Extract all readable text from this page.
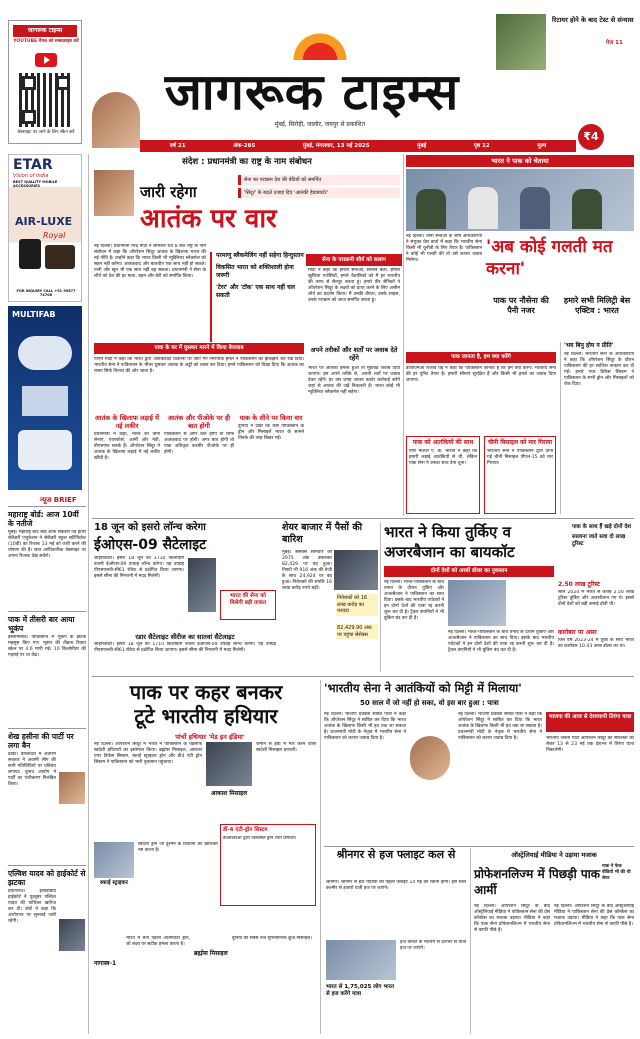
जागरूक टाइम्स
YOUTUBE चैनल को सब्सक्राइब करें
वेबसाइट पर जाने के लिए स्कैन करें
जागरूक टाइम्स
मुंबई, सिरोही, जालोर, जयपुर से प्रकाशित
रिटायर होने के बाद टेस्ट से संन्यास
पेज 11
₹4
वर्ष 21	अंक-285	मुंबई, मंगलवार, 13 मई 2025	मुंबई	पृष्ठ 12	मूल्य
ETAR
Vision of India
BEST QUALITY MOBILE ACCESSORIES
AIR-LUXE
Royal
FOR INQUIRY CALL +91 99877 74708
MULTIFAB
न्यूज BRIEF
महाराष्ट्र बोर्ड: आज 10वीं के नतीजे
मुंबई। महाराष्ट्र स्टेट बोर्ड ऑफ सेकेंडरी एंड हायर सेकेंडरी एजुकेशन ने सेकेंडरी स्कूल सर्टिफिकेट (10वीं) का रिजल्ट 13 मई को जारी करने की घोषणा की है। छात्र आधिकारिक वेबसाइट पर अपना रिजल्ट देख सकेंगे।
पाक में तीसरी बार आया भूकंप
इस्लामाबाद। पाकिस्तान में भूकंप के झटके महसूस किए गए। भूकंप की तीव्रता रिक्टर स्केल पर 4.6 मापी गई। 10 किलोमीटर की गहराई पर था केंद्र।
शेख हसीना की पार्टी पर लगा बैन
ढाका। बांग्लादेश में अंतरिम सरकार ने अवामी लीग की सभी गतिविधियों पर प्रतिबंध लगाया। चुनाव आयोग ने पार्टी का पंजीकरण निलंबित किया।
एल्विश यादव को हाईकोर्ट से झटका
प्रयागराज। इलाहाबाद हाईकोर्ट ने यूट्यूबर एल्विश यादव की याचिका खारिज कर दी। कोर्ट ने कहा कि आरोपपत्र पर सुनवाई जारी रहेगी।
संदेश : प्रधानमंत्री का राष्ट्र के नाम संबोधन
जारी रहेगा
आतंक पर वार
सेना का पराक्रम देश की बेटियों को समर्पित
'सिंदूर' के बदले उजाड़ दिए 'आतंकी हेडक्वार्टर'
नई दिल्ली। प्रधानमंत्री नरेंद्र मोदी ने सोमवार रात 8 बजे राष्ट्र के नाम संबोधन में कहा कि ऑपरेशन सिंदूर आतंक के खिलाफ भारत की नई नीति है। उन्होंने कहा कि भारत किसी भी न्यूक्लियर ब्लैकमेल को सहन नहीं करेगा। आतंकवाद और बातचीत एक साथ नहीं हो सकते। पानी और खून भी एक साथ नहीं बह सकता। प्रधानमंत्री ने सेना के शौर्य को देश की हर माता, बहन और बेटी को समर्पित किया।
परमाणु ब्लैकमेलिंग नहीं सहेगा हिन्दुस्तान
विकसित भारत को शक्तिशाली होना जरूरी
'टेरर' और 'टॉक' एक साथ नहीं चल सकती
सेना के पराक्रमी शौर्य को सलाम
मोदी ने कहा कि हमारी सेनाओं, सशस्त्र बलों, हमारी खुफिया एजेंसियों, हमारे वैज्ञानिकों को मैं हर भारतीय की तरफ से सैल्यूट करता हूं। हमारे वीर सैनिकों ने ऑपरेशन सिंदूर के लक्ष्यों को प्राप्त करने के लिए असीम शौर्य का प्रदर्शन किया। मैं उनकी वीरता, उनके साहस, उनके पराक्रम को आज समर्पित करता हूं।
अपने तरीकों और शर्तों पर जवाब देते रहेंगे
भारत पर आतंकी हमला हुआ तो मुंहतोड़ जवाब दिया जाएगा। हम अपने तरीके से, अपनी शर्तों पर जवाब देकर रहेंगे। हर उस जगह जाकर कठोर कार्रवाई करेंगे जहां से आतंक की जड़ें निकलती हैं। भारत कोई भी न्यूक्लियर ब्लैकमेल नहीं सहेगा।
पाक के घर में घुसकर मारने में किया बेजवाब
पीएम मोदी ने कहा कि भारत द्वारा आतंकवादी ठिकानों पर किए गए निर्णायक हमले ने पाकिस्तान को झकझोर कर रख दिया। भारतीय सेना ने पाकिस्तान के भीतर घुसकर आतंक के अड्डों को ध्वस्त कर दिया। हमने पाकिस्तान को दिखा दिया कि आतंक का रास्ता सिर्फ विनाश की ओर जाता है।
आतंक के खिलाफ लड़ाई में नई लकीर
प्रधानमंत्री ने कहा, भारत की तीनों सेनाएं, एयरफोर्स, आर्मी और नेवी, बीएसएफ सतर्क हैं। ऑपरेशन सिंदूर ने आतंक के खिलाफ लड़ाई में नई लकीर खींची है।
आतंक और पीओके पर ही बात होगी
पाकिस्तान से अगर बात होगी तो सिर्फ आतंकवाद पर होगी। अगर बात होगी तो पाक अधिकृत कश्मीर पीओके पर ही होगी।
पाक के सीने पर किया वार
दुनिया ने देखा कि कैसे पाकिस्तान के ड्रोन और मिसाइलें भारत के सामने तिनके की तरह बिखर गईं।
भारत ने पाक को चेताया
नई दिल्ली। तीनों सेनाओं के शीर्ष अधिकारियों ने संयुक्त प्रेस वार्ता में कहा कि भारतीय सेना किसी भी चुनौती के लिए तैयार है। पाकिस्तान ने कोई भी गलती की तो उसे करारा जवाब मिलेगा।
'अब कोई गलती मत करना'
पाक पर नौसेना की पैनी नजर
हमारे सभी मिलिट्री बेस एक्टिव : भारत
पाक जानता है, हम क्या करेंगे
डीजीएमओ राजीव घई ने कहा कि पाकिस्तान जानता है कि हम क्या करेंगे। भारतीय सेना की हर यूनिट तैयार है। हमारी सीमाएं सुरक्षित हैं और किसी भी हमले का जवाब दिया जाएगा।
'भय बिनु होय न प्रीति'
नई दिल्ली। भारतीय सेना के अधिकारियों ने कहा कि ऑपरेशन सिंदूर के दौरान पाकिस्तान की हर साजिश नाकाम कर दी गई। हमारे एयर डिफेंस सिस्टम ने पाकिस्तान के सभी ड्रोन और मिसाइलों को रोक दिया।
पाक को आतंकियों की साथ
एयर मार्शल ए. के. भारती ने कहा कि हमारी लड़ाई आतंकियों से थी, लेकिन पाक सेना ने उनका साथ देना चुना।
चीनी मिसाइल को मार गिराया
भारतीय सेना ने पाकिस्तान द्वारा दागी गई चीनी मिसाइल पीएल-15 को मार गिराया।
18 जून को इसरो लॉन्च करेगा
ईओएस-09 सैटेलाइट
श्रीहरिकोटा। इसरो 18 जून को 1710 किलोग्राम वजनी ईओएस-09 उपग्रह लॉन्च करेगा। यह उपग्रह पीएसएलवी-सी61 रॉकेट से प्रक्षेपित किया जाएगा। इससे सीमा की निगरानी में मदद मिलेगी।
भारत की सेना को मिलेगी बड़ी ताकत
रडार सैटेलाइट सीरीज का सातवां सैटेलाइट
श्रीहरिकोटा। इसरो 18 जून को 1710 किलोग्राम वजनी ईओएस-09 उपग्रह लॉन्च करेगा। यह उपग्रह पीएसएलवी-सी61 रॉकेट से प्रक्षेपित किया जाएगा। इससे सीमा की निगरानी में मदद मिलेगी।
शेयर बाजार में पैसों की बारिश
मुंबई। सेंसेक्स सोमवार को 2975 अंक उछलकर 82,429 पर बंद हुआ। निफ्टी भी 916 अंक की तेजी के साथ 24,924 पर बंद हुआ। निवेशकों की संपत्ति 16 लाख करोड़ रुपये बढ़ी।
निवेशकों को 16 लाख करोड़ का फायदा
82,429.90 अंक पर पहुंचा सेंसेक्स
भारत ने किया तुर्किए व अजरबैजान का बायकॉट
पाक के साथ हैं खड़े दोनों देश
सालाना जाते सवा दो लाख टूरिस्ट
दोनों देशों को अरबों डॉलर का नुकसान
नई दिल्ली। भारत-पाकिस्तान के बीच तनाव के दौरान तुर्किए और अजरबैजान ने पाकिस्तान का साथ दिया। इसके बाद भारतीय पर्यटकों ने इन दोनों देशों की यात्रा रद्द करनी शुरू कर दी है। ट्रैवल कंपनियों ने भी बुकिंग बंद कर दी है।
नई दिल्ली। भारत-पाकिस्तान के बीच तनाव के दौरान तुर्किए और अजरबैजान ने पाकिस्तान का साथ दिया। इसके बाद भारतीय पर्यटकों ने इन दोनों देशों की यात्रा रद्द करनी शुरू कर दी है। ट्रैवल कंपनियों ने भी बुकिंग बंद कर दी है।
2.50 लाख टूरिस्ट
साल 2024 में भारत से करीब 2.50 लाख टूरिस्ट तुर्किए और अजरबैजान गए थे। इससे दोनों देशों को बड़ी कमाई होती थी।
कारोबार पर असर
वित्त वर्ष 2023-24 में तुर्की के साथ भारत का कारोबार 10.43 अरब डॉलर का था।
पाक पर कहर बनकर
टूटे भारतीय हथियार
पांचों हथियार 'मेड इन इंडिया'
नई दिल्ली। ऑपरेशन सिंदूर में भारत ने पाकिस्तान के खिलाफ स्वदेशी हथियारों का इस्तेमाल किया। ब्रह्मोस मिसाइल, आकाश एयर डिफेंस सिस्टम, स्काई स्ट्राइकर ड्रोन और डी4 एंटी ड्रोन सिस्टम ने पाकिस्तान को भारी नुकसान पहुंचाया।
आकाश मिसाइल
जमीन से हवा में मार करने वाली स्वदेशी मिसाइल प्रणाली।
स्काई स्ट्राइकर
स्वदेशी ड्रोन जो दुश्मन के ठिकानों को खोजकर नष्ट करता है।
डी-4 एंटी-ड्रोन सिस्टम
डीआरडीओ द्वारा विकसित ड्रोन रोधी प्रणाली।
नागास्त्र-1
भारत में बना पहला आत्मघाती ड्रोन, जो लक्ष्य पर सटीक हमला करता है।
ब्रह्मोस मिसाइल
दुनिया की सबसे तेज सुपरसोनिक क्रूज मिसाइल।
'भारतीय सेना ने आतंकियों को मिट्टी में मिलाया'
50 साल में जो नहीं हो सका, वो इस बार हुआ : पात्रा
नई दिल्ली। भाजपा प्रवक्ता संबित पात्रा ने कहा कि ऑपरेशन सिंदूर ने साबित कर दिया कि भारत आतंक के खिलाफ किसी भी हद तक जा सकता है। प्रधानमंत्री मोदी के नेतृत्व में भारतीय सेना ने पाकिस्तान को करारा जवाब दिया है।
नई दिल्ली। भाजपा प्रवक्ता संबित पात्रा ने कहा कि ऑपरेशन सिंदूर ने साबित कर दिया कि भारत आतंक के खिलाफ किसी भी हद तक जा सकता है। प्रधानमंत्री मोदी के नेतृत्व में भारतीय सेना ने पाकिस्तान को करारा जवाब दिया है।
भाजपा की आज से देशव्यापी तिरंगा यात्रा
भारतीय जनता पार्टी ऑपरेशन सिंदूर की सफलता को लेकर 13 से 23 मई तक देशभर में तिरंगा यात्रा निकालेगी।
श्रीनगर से हज फ्लाइट कल से
श्रीनगर। श्रीनगर से हज यात्रियों की पहली फ्लाइट 14 मई को रवाना होगी। इस साल कश्मीर से हजारों यात्री हज पर जाएंगे।
भारत से 1,75,025 लोग भारत से हज करेंगे यात्रा
हज कमेटी के माध्यम से देशभर से यात्री हज पर जाएंगे।
ऑस्ट्रेलियाई मीडिया ने उड़ाया मजाक
प्रोफेशनलिज्म में पिछड़ी पाक आर्मी
नई दिल्ली। ऑपरेशन सिंदूर के बाद ऑस्ट्रेलियाई मीडिया ने पाकिस्तान सेना की प्रेस कॉन्फ्रेंस का मजाक उड़ाया। मीडिया ने कहा कि पाक सेना प्रोफेशनलिज्म में भारतीय सेना से काफी पीछे है।
नई दिल्ली। ऑपरेशन सिंदूर के बाद ऑस्ट्रेलियाई मीडिया ने पाकिस्तान सेना की प्रेस कॉन्फ्रेंस का मजाक उड़ाया। मीडिया ने कहा कि पाक सेना प्रोफेशनलिज्म में भारतीय सेना से काफी पीछे है।
पाक ने फेक वीडियो भी की थी शेयर
